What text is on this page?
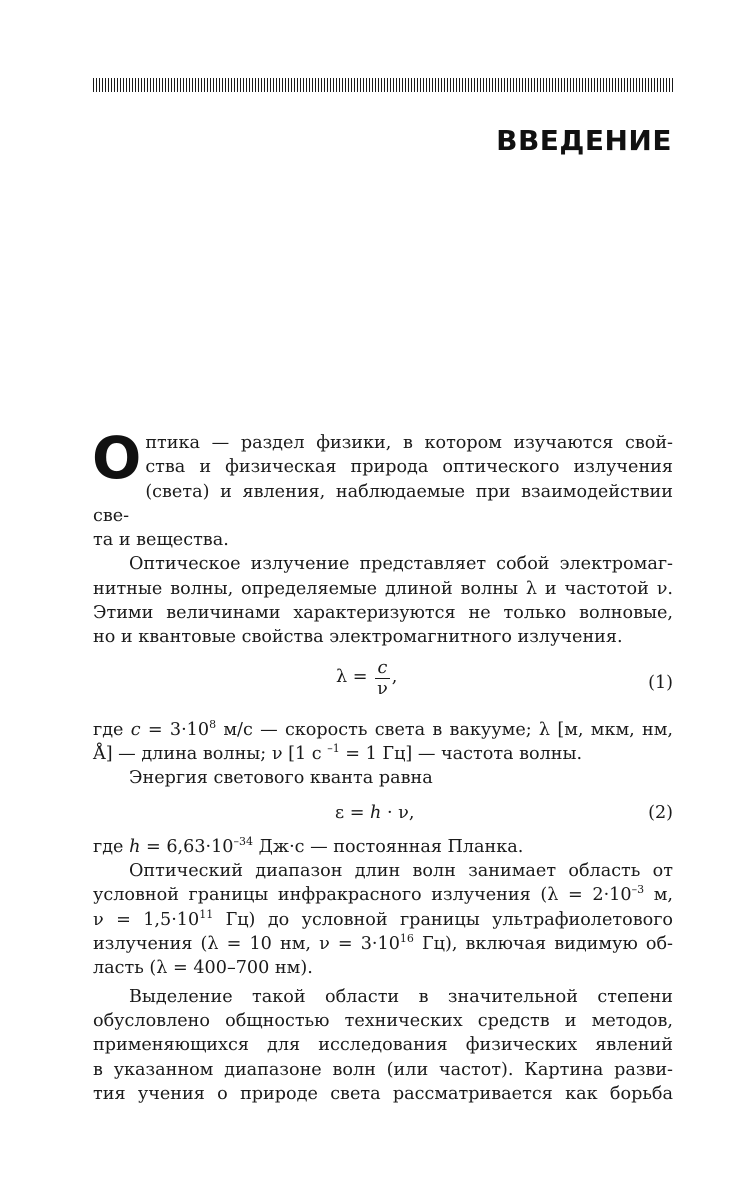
ВВЕДЕНИЕ
О птика — раздел физики, в котором изучаются свой-

ства и физическая природа оптического излучения

(света) и явления, наблюдаемые при взаимодействии све-

та и вещества.

Оптическое излучение представляет собой электромаг-

нитные волны, определяемые длиной волны λ и частотой ν.

Этими величинами характеризуются не только волновые,

но и квантовые свойства электромагнитного излучения.

$\lambda = \frac{c}{\nu}$ ,	(1)

где $c = 3\cdot 10^8$ м/с — скорость света в вакууме; λ [м, мкм, нм,

Å] — длина волны; ν [1 с $^{-1}$ = 1 Гц] — частота волны.

Энергия светового кванта равна

ε = h · ν,	(2)

где $h = 6,63\cdot 10^{-34}$ Дж·с — постоянная Планка.

Оптический диапазон длин волн занимает область от

условной границы инфракрасного излучения ($\lambda = 2\cdot 10^{-3}$ м,

$\nu = 1,5\cdot 10^{11}$ Гц) до условной границы ультрафиолетового

излучения (λ = 10 нм, $\nu = 3\cdot 10^{16}$ Гц), включая видимую об-

ласть (λ = 400–700 нм).

Выделение такой области в значительной степени

обусловлено общностью технических средств и методов,

применяющихся для исследования физических явлений

в указанном диапазоне волн (или частот). Картина разви-

тия учения о природе света рассматривается как борьба
